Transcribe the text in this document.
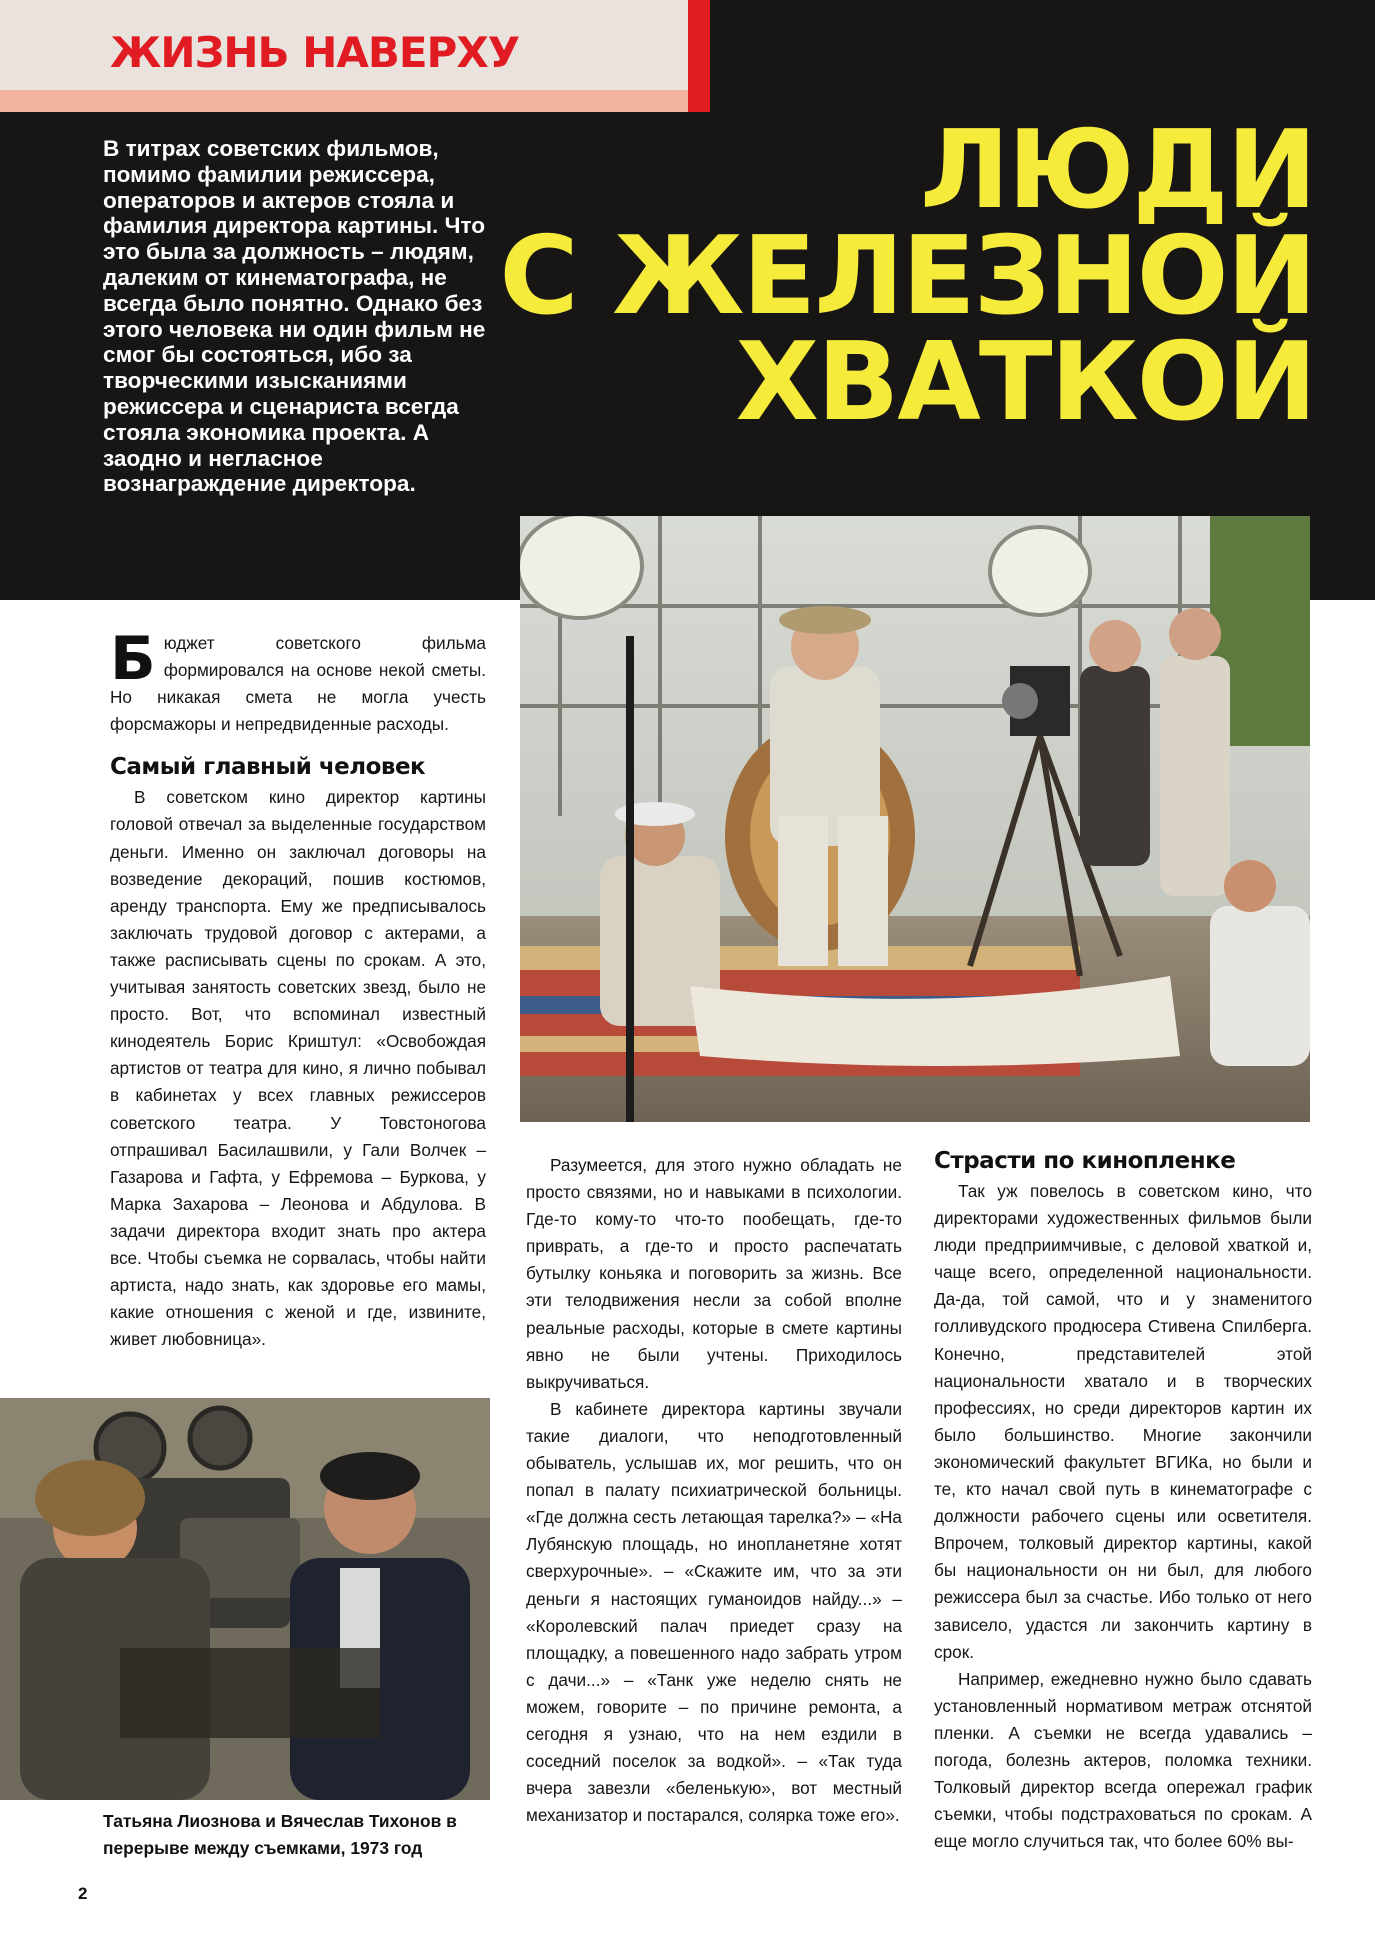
ЖИЗНЬ НАВЕРХУ
В титрах советских фильмов, помимо фамилии режиссера, операторов и актеров стояла и фамилия директора картины. Что это была за должность – людям, далеким от кинематографа, не всегда было понятно. Однако без этого человека ни один фильм не смог бы состояться, ибо за творческими изысканиями режиссера и сценариста всегда стояла экономика проекта. А заодно и негласное вознаграждение директора.
ЛЮДИ
С ЖЕЛЕЗНОЙ
ХВАТКОЙ

Бюджет советского фильма формировался на основе некой сметы. Но никакая смета не могла учесть форсмажоры и непредвиденные расходы.

Самый главный человек

В советском кино директор картины головой отвечал за выделенные государством деньги. Именно он заключал договоры на возведение декораций, пошив костюмов, аренду транспорта. Ему же предписывалось заключать трудовой договор с актерами, а также расписывать сцены по срокам. А это, учитывая занятость советских звезд, было не просто. Вот, что вспоминал известный кинодеятель Борис Криштул: «Освобождая артистов от театра для кино, я лично побывал в кабинетах у всех главных режиссеров советского театра. У Товстоногова отпрашивал Басилашвили, у Гали Волчек – Газарова и Гафта, у Ефремова – Буркова, у Марка Захарова – Леонова и Абдулова. В задачи директора входит знать про актера все. Чтобы съемка не сорвалась, чтобы найти артиста, надо знать, как здоровье его мамы, какие отношения с женой и где, извините, живет любовница».

Татьяна Лиознова и Вячеслав Тихонов в перерыве между съемками, 1973 год

Разумеется, для этого нужно обладать не просто связями, но и навыками в психологии. Где-то кому-то что-то пообещать, где-то приврать, а где-то и просто распечатать бутылку коньяка и поговорить за жизнь. Все эти телодвижения несли за собой вполне реальные расходы, которые в смете картины явно не были учтены. Приходилось выкручиваться.

В кабинете директора картины звучали такие диалоги, что неподготовленный обыватель, услышав их, мог решить, что он попал в палату психиатрической больницы. «Где должна сесть летающая тарелка?» – «На Лубянскую площадь, но инопланетяне хотят сверхурочные». – «Скажите им, что за эти деньги я настоящих гуманоидов найду...» – «Королевский палач приедет сразу на площадку, а повешенного надо забрать утром с дачи...» – «Танк уже неделю снять не можем, говорите – по причине ремонта, а сегодня я узнаю, что на нем ездили в соседний поселок за водкой». – «Так туда вчера завезли «беленькую», вот местный механизатор и постарался, солярка тоже его».

Страсти по кинопленке

Так уж повелось в советском кино, что директорами художественных фильмов были люди предприимчивые, с деловой хваткой и, чаще всего, определенной национальности. Да-да, той самой, что и у знаменитого голливудского продюсера Стивена Спилберга. Конечно, представителей этой национальности хватало и в творческих профессиях, но среди директоров картин их было большинство. Многие закончили экономический факультет ВГИКа, но были и те, кто начал свой путь в кинематографе с должности рабочего сцены или осветителя. Впрочем, толковый директор картины, какой бы национальности он ни был, для любого режиссера был за счастье. Ибо только от него зависело, удастся ли закончить картину в срок.

Например, ежедневно нужно было сдавать установленный нормативом метраж отснятой пленки. А съемки не всегда удавались – погода, болезнь актеров, поломка техники. Толковый директор всегда опережал график съемки, чтобы подстраховаться по срокам. А еще могло случиться так, что более 60% вы-

2
